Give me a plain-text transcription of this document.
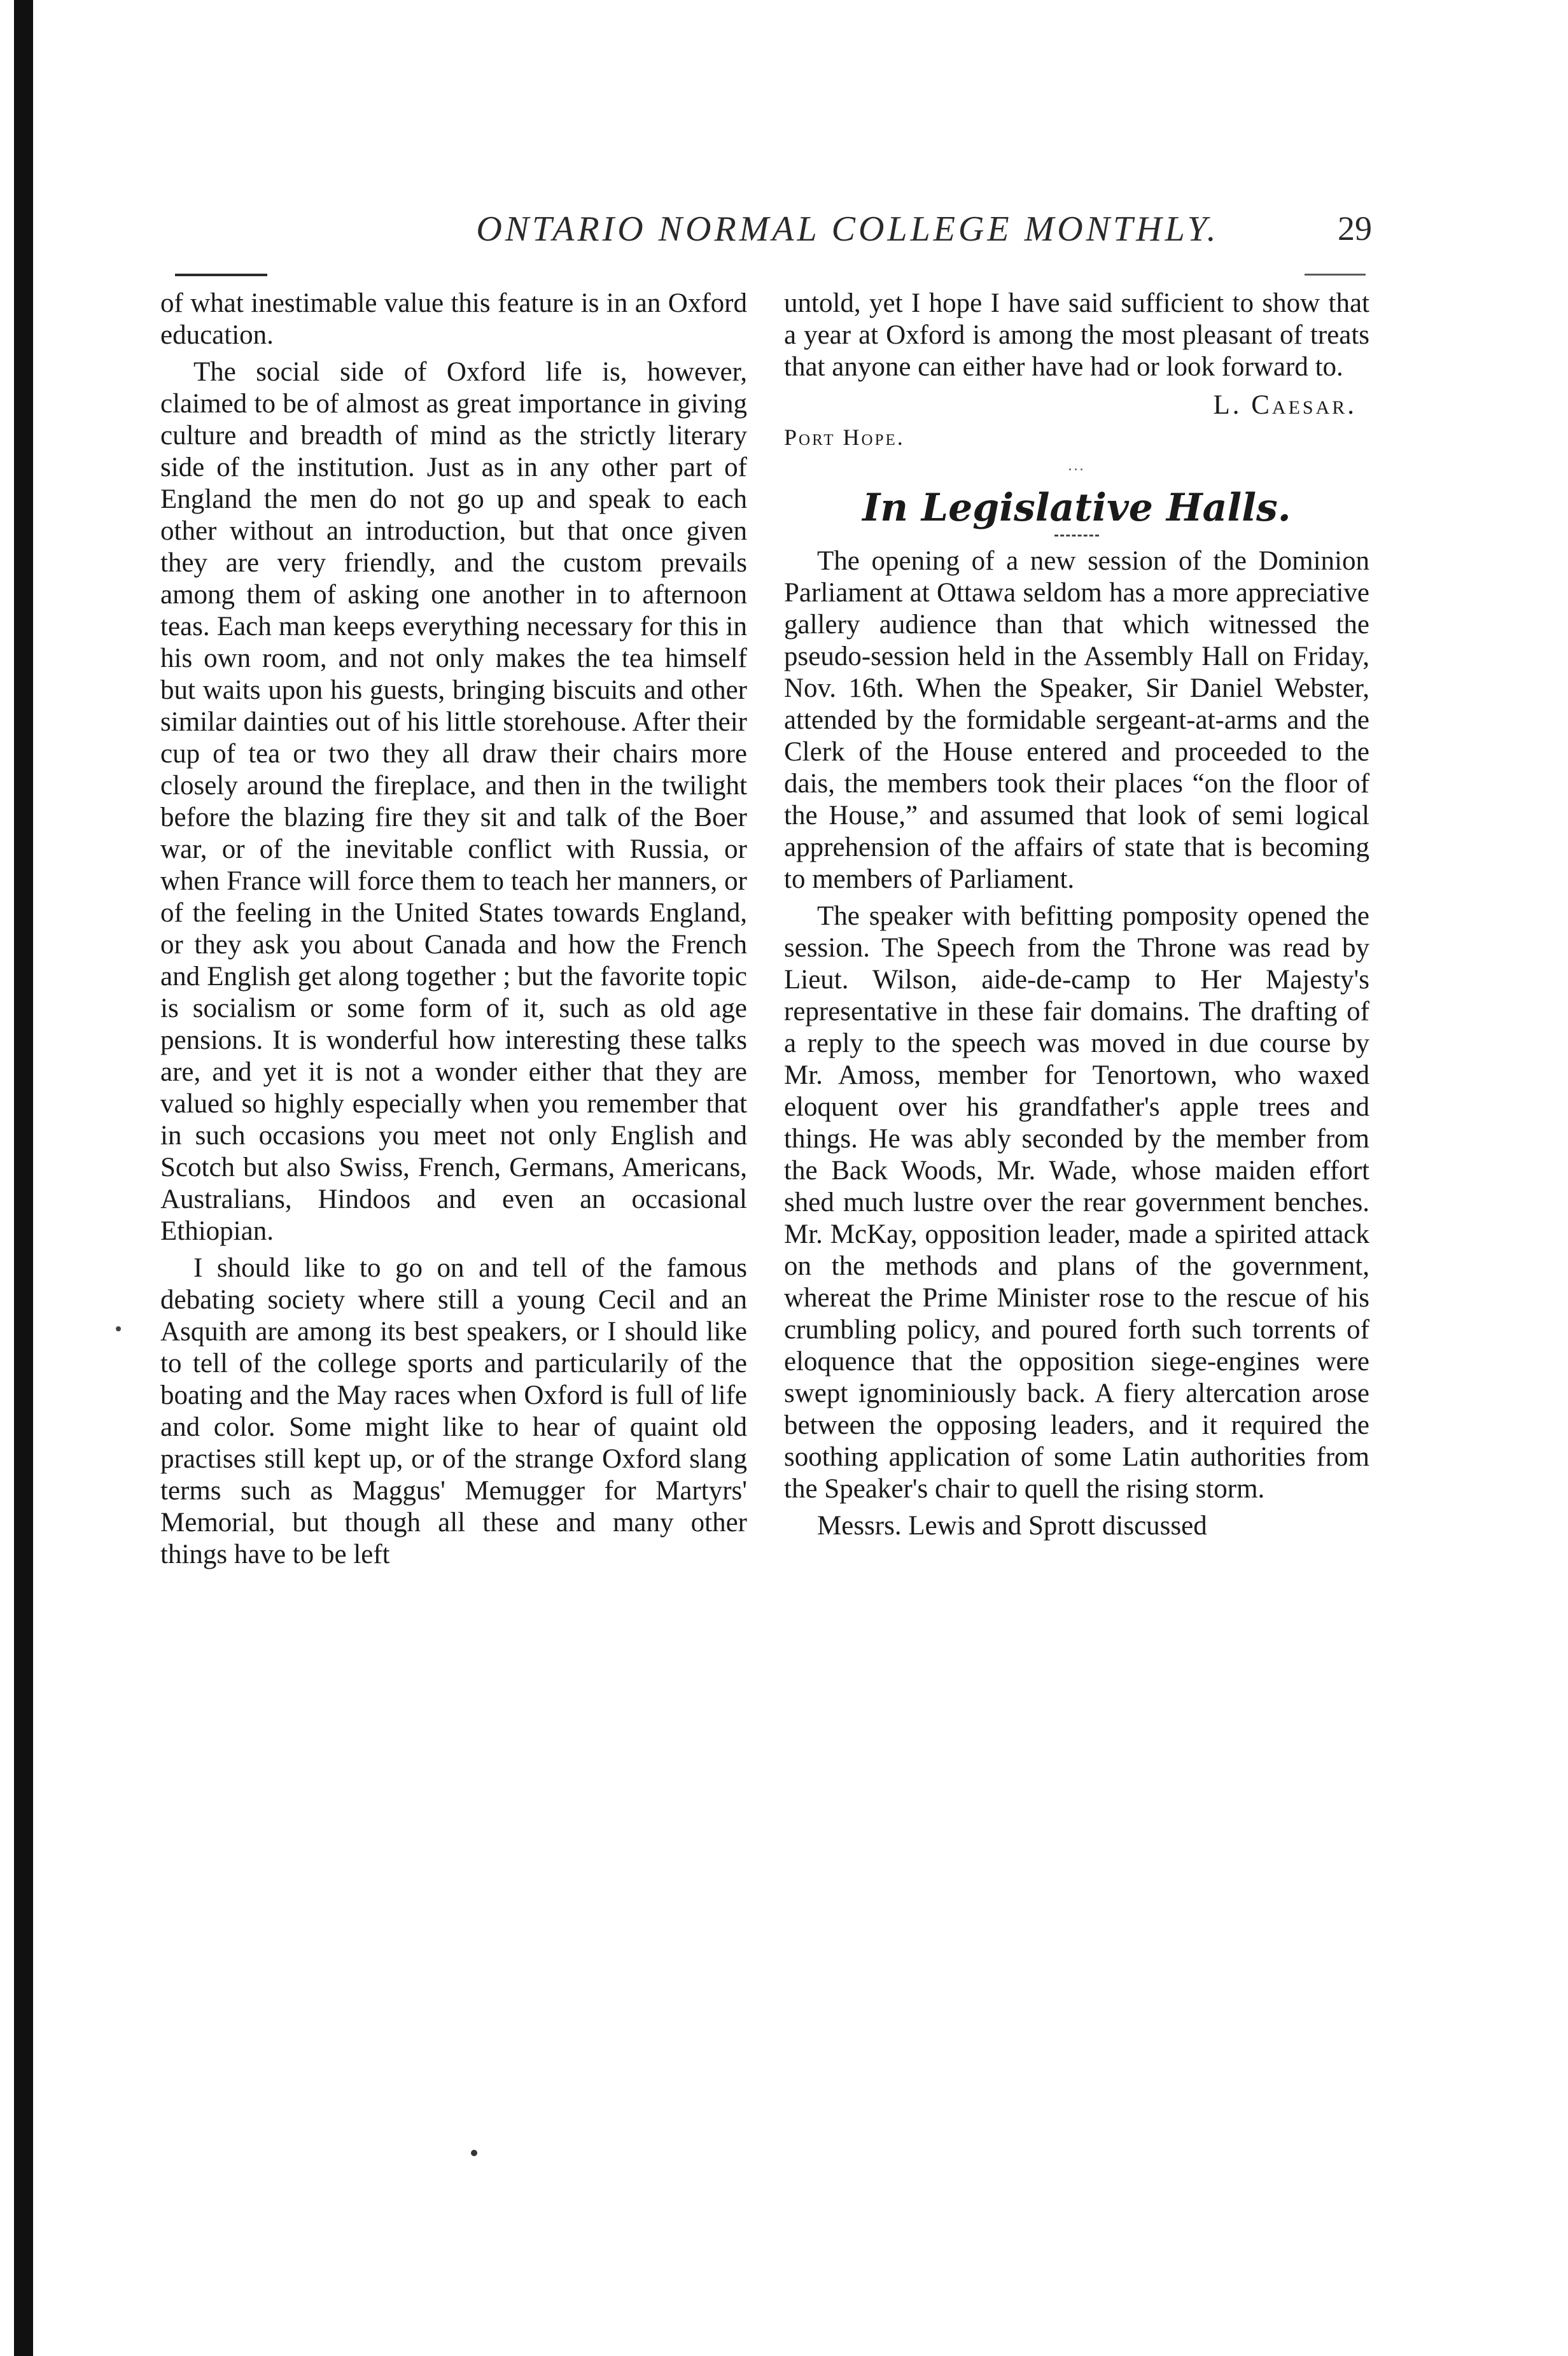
ONTARIO NORMAL COLLEGE MONTHLY.	29

of what inestimable value this feature is in an Oxford education.

The social side of Oxford life is, however, claimed to be of almost as great importance in giving culture and breadth of mind as the strictly literary side of the institution. Just as in any other part of England the men do not go up and speak to each other without an introduction, but that once given they are very friendly, and the custom prevails among them of asking one another in to afternoon teas. Each man keeps everything necessary for this in his own room, and not only makes the tea himself but waits upon his guests, bringing biscuits and other similar dainties out of his little storehouse. After their cup of tea or two they all draw their chairs more closely around the fireplace, and then in the twilight before the blazing fire they sit and talk of the Boer war, or of the inevitable conflict with Russia, or when France will force them to teach her manners, or of the feeling in the United States towards England, or they ask you about Canada and how the French and English get along together ; but the favorite topic is socialism or some form of it, such as old age pensions. It is wonderful how interesting these talks are, and yet it is not a wonder either that they are valued so highly especially when you remember that in such occasions you meet not only English and Scotch but also Swiss, French, Germans, Americans, Australians, Hindoos and even an occasional Ethiopian.

I should like to go on and tell of the famous debating society where still a young Cecil and an Asquith are among its best speakers, or I should like to tell of the college sports and particularily of the boating and the May races when Oxford is full of life and color. Some might like to hear of quaint old practises still kept up, or of the strange Oxford slang terms such as Maggus' Memugger for Martyrs' Memorial, but though all these and many other things have to be left

untold, yet I hope I have said sufficient to show that a year at Oxford is among the most pleasant of treats that anyone can either have had or look forward to.

L. Caesar.
Port Hope.
...
In Legislative Halls.

The opening of a new session of the Dominion Parliament at Ottawa seldom has a more appreciative gallery audience than that which witnessed the pseudo-session held in the Assembly Hall on Friday, Nov. 16th. When the Speaker, Sir Daniel Webster, attended by the formidable sergeant-at-arms and the Clerk of the House entered and proceeded to the dais, the members took their places “on the floor of the House,” and assumed that look of semi logical apprehension of the affairs of state that is becoming to members of Parliament.

The speaker with befitting pomposity opened the session. The Speech from the Throne was read by Lieut. Wilson, aide-de-camp to Her Majesty's representative in these fair domains. The drafting of a reply to the speech was moved in due course by Mr. Amoss, member for Tenortown, who waxed eloquent over his grandfather's apple trees and things. He was ably seconded by the member from the Back Woods, Mr. Wade, whose maiden effort shed much lustre over the rear government benches. Mr. McKay, opposition leader, made a spirited attack on the methods and plans of the government, whereat the Prime Minister rose to the rescue of his crumbling policy, and poured forth such torrents of eloquence that the opposition siege-engines were swept ignominiously back. A fiery altercation arose between the opposing leaders, and it required the soothing application of some Latin authorities from the Speaker's chair to quell the rising storm.

Messrs. Lewis and Sprott discussed
